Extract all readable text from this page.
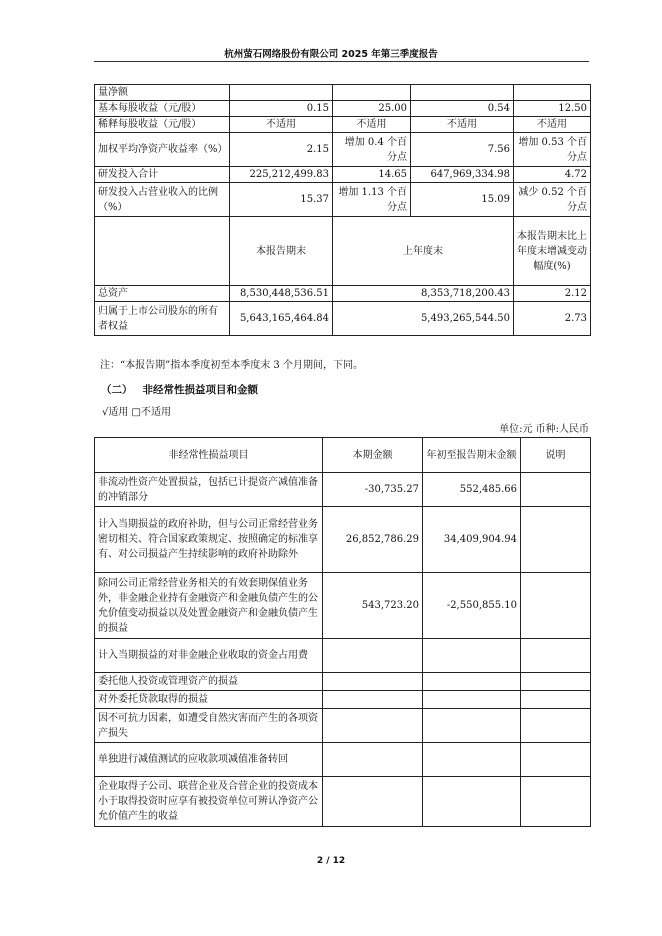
杭州萤石网络股份有限公司 2025 年第三季度报告
量净额				
基本每股收益（元/股）	0.15	25.00	0.54	12.50
稀释每股收益（元/股）	不适用	不适用	不适用	不适用
加权平均净资产收益率（%）	2.15	增加 0.4 个百分点	7.56	增加 0.53 个百分点
研发投入合计	225,212,499.83	14.65	647,969,334.98	4.72
研发投入占营业收入的比例（%）	15.37	增加 1.13 个百分点	15.09	减少 0.52 个百分点
	本报告期末	上年度末		本报告期末比上年度末增减变动幅度(%)
总资产	8,530,448,536.51	8,353,718,200.43		2.12
归属于上市公司股东的所有者权益	5,643,165,464.84	5,493,265,544.50		2.73
注：“本报告期”指本季度初至本季度末 3 个月期间，下同。
（二） 非经常性损益项目和金额
√适用 □不适用
单位:元 币种:人民币
非经常性损益项目	本期金额	年初至报告期末金额	说明
非流动性资产处置损益，包括已计提资产减值准备的冲销部分	-30,735.27	552,485.66	
计入当期损益的政府补助，但与公司正常经营业务密切相关、符合国家政策规定、按照确定的标准享有、对公司损益产生持续影响的政府补助除外	26,852,786.29	34,409,904.94	
除同公司正常经营业务相关的有效套期保值业务外，非金融企业持有金融资产和金融负债产生的公允价值变动损益以及处置金融资产和金融负债产生的损益	543,723.20	-2,550,855.10	
计入当期损益的对非金融企业收取的资金占用费			
委托他人投资或管理资产的损益			
对外委托贷款取得的损益			
因不可抗力因素，如遭受自然灾害而产生的各项资产损失			
单独进行减值测试的应收款项减值准备转回			
企业取得子公司、联营企业及合营企业的投资成本小于取得投资时应享有被投资单位可辨认净资产公允价值产生的收益			
2 / 12
